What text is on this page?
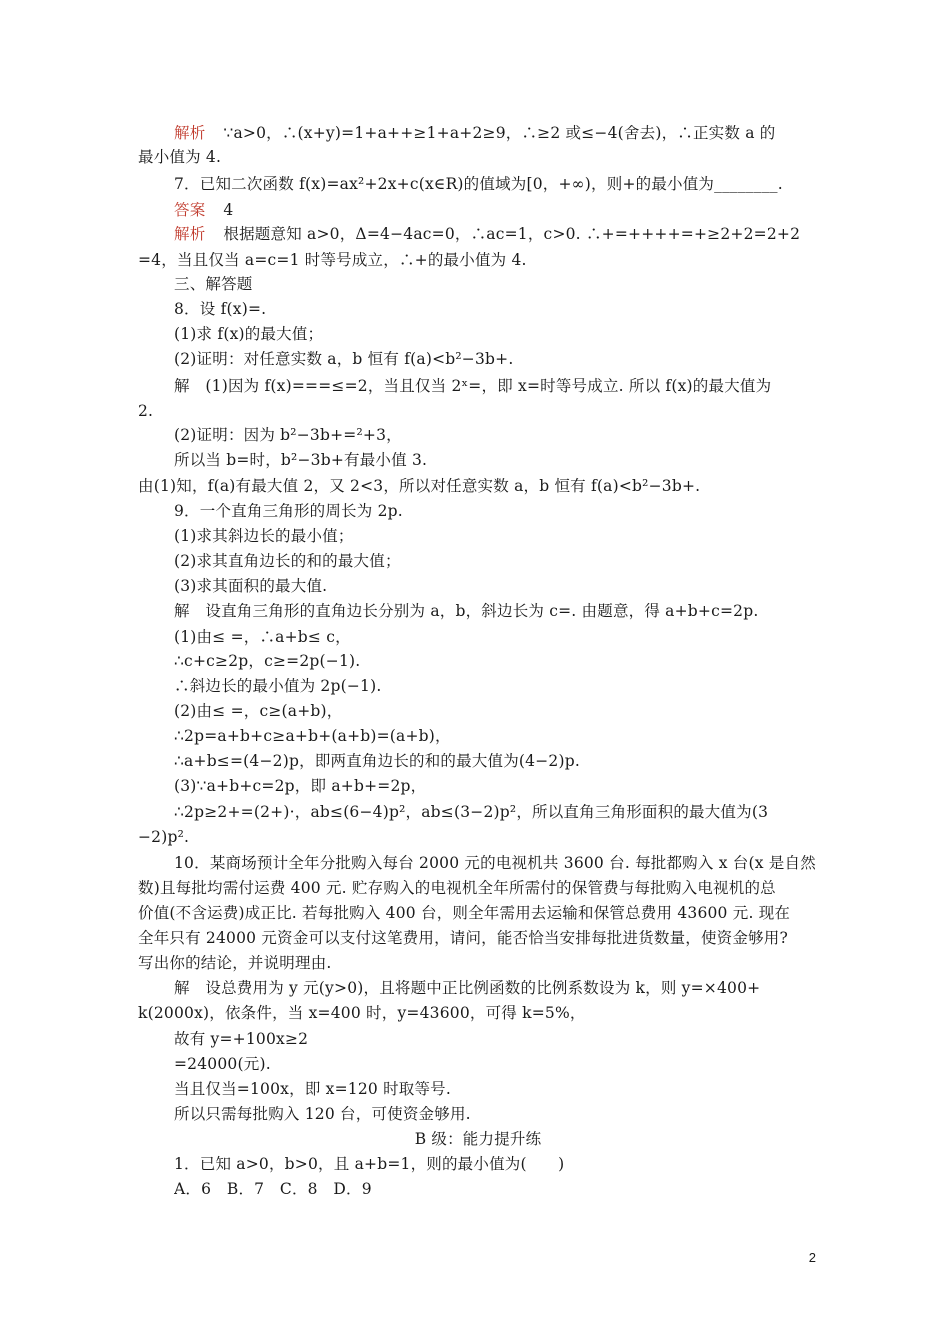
解析 ∵a>0，∴(x+y)=1+a++≥1+a+2≥9，∴≥2 或≤−4(舍去)，∴正实数 a 的
最小值为 4.
7．已知二次函数 f(x)=ax²+2x+c(x∈R)的值域为[0，+∞)，则+的最小值为________.
答案 4
解析 根据题意知 a>0，Δ=4−4ac=0，∴ac=1，c>0. ∴+=++++=+≥2+2=2+2
=4，当且仅当 a=c=1 时等号成立，∴+的最小值为 4.
三、解答题
8．设 f(x)=.
(1)求 f(x)的最大值；
(2)证明：对任意实数 a，b 恒有 f(a)<b²−3b+.
解　(1)因为 f(x)===≤=2，当且仅当 2ˣ=，即 x=时等号成立. 所以 f(x)的最大值为
2.
(2)证明：因为 b²−3b+=²+3，
所以当 b=时，b²−3b+有最小值 3.
由(1)知，f(a)有最大值 2，又 2<3，所以对任意实数 a，b 恒有 f(a)<b²−3b+.
9．一个直角三角形的周长为 2p.
(1)求其斜边长的最小值；
(2)求其直角边长的和的最大值；
(3)求其面积的最大值.
解　设直角三角形的直角边长分别为 a，b，斜边长为 c=. 由题意，得 a+b+c=2p.
(1)由≤ =，∴a+b≤ c，
∴c+c≥2p，c≥=2p(−1).
∴斜边长的最小值为 2p(−1).
(2)由≤ =，c≥(a+b)，
∴2p=a+b+c≥a+b+(a+b)=(a+b)，
∴a+b≤=(4−2)p，即两直角边长的和的最大值为(4−2)p.
(3)∵a+b+c=2p，即 a+b+=2p，
∴2p≥2+=(2+)·，ab≤(6−4)p²，ab≤(3−2)p²，所以直角三角形面积的最大值为(3
−2)p².
10．某商场预计全年分批购入每台 2000 元的电视机共 3600 台. 每批都购入 x 台(x 是自然
数)且每批均需付运费 400 元. 贮存购入的电视机全年所需付的保管费与每批购入电视机的总
价值(不含运费)成正比. 若每批购入 400 台，则全年需用去运输和保管总费用 43600 元. 现在
全年只有 24000 元资金可以支付这笔费用，请问，能否恰当安排每批进货数量，使资金够用?
写出你的结论，并说明理由.
解　设总费用为 y 元(y>0)，且将题中正比例函数的比例系数设为 k，则 y=×400+
k(2000x)，依条件，当 x=400 时，y=43600，可得 k=5%，
故有 y=+100x≥2
=24000(元).
当且仅当=100x，即 x=120 时取等号.
所以只需每批购入 120 台，可使资金够用.
B 级：能力提升练
1．已知 a>0，b>0，且 a+b=1，则的最小值为(　　)
A．6　B．7　C．8　D．9
2
